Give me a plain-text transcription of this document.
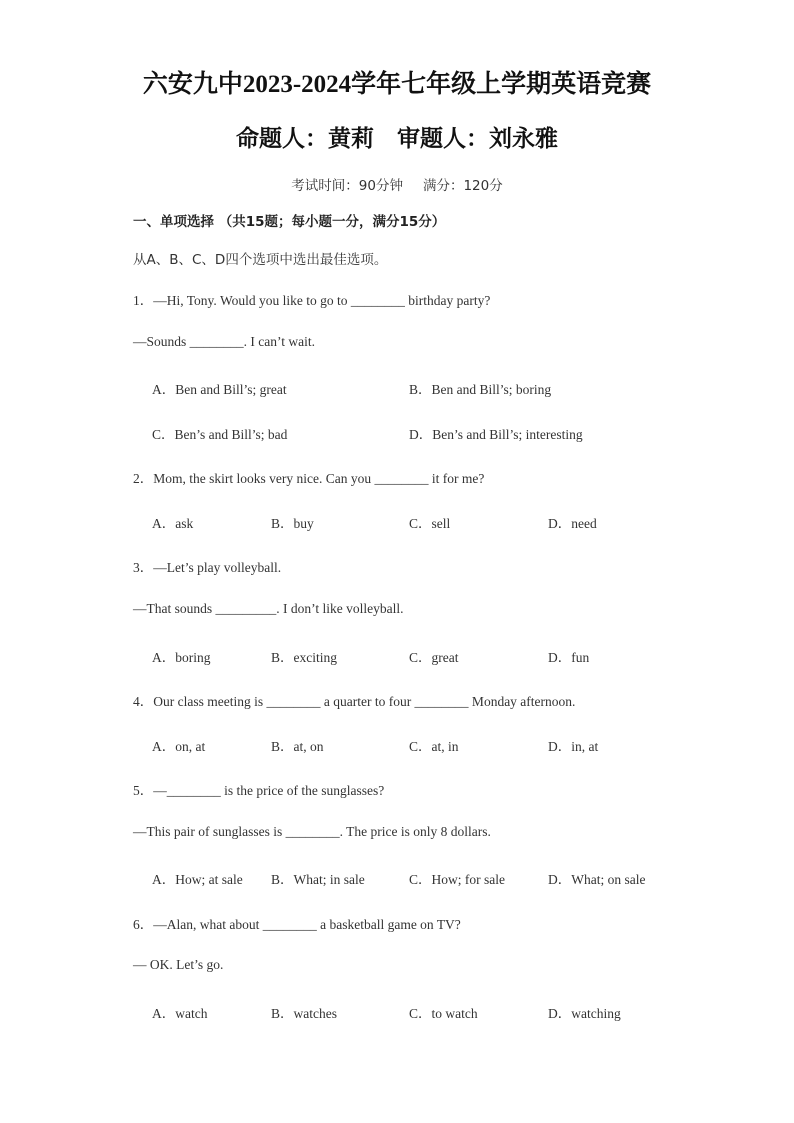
六安九中2023-2024学年七年级上学期英语竞赛
命题人：黄莉　审题人：刘永雅
考试时间：90分钟 满分：120分
一、单项选择 （共15题；每小题一分，满分15分）
从A、B、C、D四个选项中选出最佳选项。
1．—Hi, Tony. Would you like to go to ________ birthday party?
—Sounds ________. I can’t wait.
A．Ben and Bill’s; great	B．Ben and Bill’s; boring
C．Ben’s and Bill’s; bad	D．Ben’s and Bill’s; interesting
2．Mom, the skirt looks very nice. Can you ________ it for me?
A．ask	B．buy	C．sell	D．need
3．—Let’s play volleyball.
—That sounds _________. I don’t like volleyball.
A．boring	B．exciting	C．great	D．fun
4．Our class meeting is ________ a quarter to four ________ Monday afternoon.
A．on, at	B．at, on	C．at, in	D．in, at
5．—________ is the price of the sunglasses?
—This pair of sunglasses is ________. The price is only 8 dollars.
A．How; at sale B．What; in sale	C．How; for sale	D．What; on sale
6．—Alan, what about ________ a basketball game on TV?
— OK. Let’s go.
A．watch	B．watches	C．to watch	D．watching
